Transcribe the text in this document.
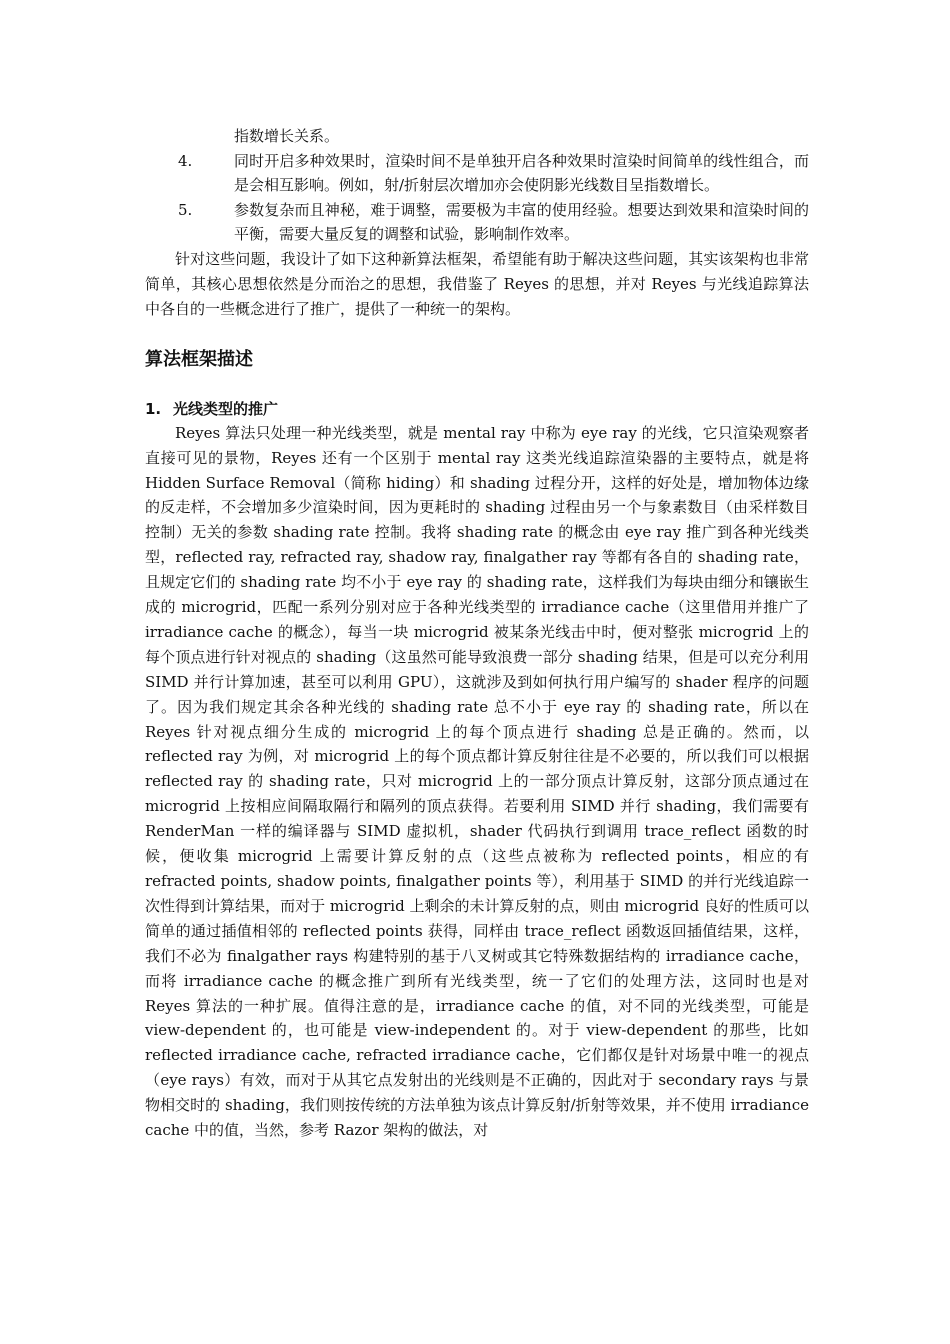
指数增长关系。
4.	同时开启多种效果时，渲染时间不是单独开启各种效果时渲染时间简单的线性组合，而是会相互影响。例如，射/折射层次增加亦会使阴影光线数目呈指数增长。
5.	参数复杂而且神秘，难于调整，需要极为丰富的使用经验。想要达到效果和渲染时间的平衡，需要大量反复的调整和试验，影响制作效率。

针对这些问题，我设计了如下这种新算法框架，希望能有助于解决这些问题，其实该架构也非常简单，其核心思想依然是分而治之的思想，我借鉴了 Reyes 的思想，并对 Reyes 与光线追踪算法中各自的一些概念进行了推广，提供了一种统一的架构。

算法框架描述
1. 光线类型的推广

Reyes 算法只处理一种光线类型，就是 mental ray 中称为 eye ray 的光线，它只渲染观察者直接可见的景物，Reyes 还有一个区别于 mental ray 这类光线追踪渲染器的主要特点，就是将 Hidden Surface Removal（简称 hiding）和 shading 过程分开，这样的好处是，增加物体边缘的反走样，不会增加多少渲染时间，因为更耗时的 shading 过程由另一个与象素数目（由采样数目控制）无关的参数 shading rate 控制。我将 shading rate 的概念由 eye ray 推广到各种光线类型，reflected ray, refracted ray, shadow ray, finalgather ray 等都有各自的 shading rate，且规定它们的 shading rate 均不小于 eye ray 的 shading rate，这样我们为每块由细分和镶嵌生成的 microgrid，匹配一系列分别对应于各种光线类型的 irradiance cache（这里借用并推广了 irradiance cache 的概念），每当一块 microgrid 被某条光线击中时，便对整张 microgrid 上的每个顶点进行针对视点的 shading（这虽然可能导致浪费一部分 shading 结果，但是可以充分利用 SIMD 并行计算加速，甚至可以利用 GPU），这就涉及到如何执行用户编写的 shader 程序的问题了。因为我们规定其余各种光线的 shading rate 总不小于 eye ray 的 shading rate，所以在 Reyes 针对视点细分生成的 microgrid 上的每个顶点进行 shading 总是正确的。然而，以 reflected ray 为例，对 microgrid 上的每个顶点都计算反射往往是不必要的，所以我们可以根据 reflected ray 的 shading rate，只对 microgrid 上的一部分顶点计算反射，这部分顶点通过在 microgrid 上按相应间隔取隔行和隔列的顶点获得。若要利用 SIMD 并行 shading，我们需要有 RenderMan 一样的编译器与 SIMD 虚拟机，shader 代码执行到调用 trace_reflect 函数的时候，便收集 microgrid 上需要计算反射的点（这些点被称为 reflected points，相应的有 refracted points, shadow points, finalgather points 等），利用基于 SIMD 的并行光线追踪一次性得到计算结果，而对于 microgrid 上剩余的未计算反射的点，则由 microgrid 良好的性质可以简单的通过插值相邻的 reflected points 获得，同样由 trace_reflect 函数返回插值结果，这样，我们不必为 finalgather rays 构建特别的基于八叉树或其它特殊数据结构的 irradiance cache，而将 irradiance cache 的概念推广到所有光线类型，统一了它们的处理方法，这同时也是对 Reyes 算法的一种扩展。值得注意的是，irradiance cache 的值，对不同的光线类型，可能是 view-dependent 的，也可能是 view-independent 的。对于 view-dependent 的那些，比如 reflected irradiance cache, refracted irradiance cache，它们都仅是针对场景中唯一的视点（eye rays）有效，而对于从其它点发射出的光线则是不正确的，因此对于 secondary rays 与景物相交时的 shading，我们则按传统的方法单独为该点计算反射/折射等效果，并不使用 irradiance cache 中的值，当然，参考 Razor 架构的做法，对
